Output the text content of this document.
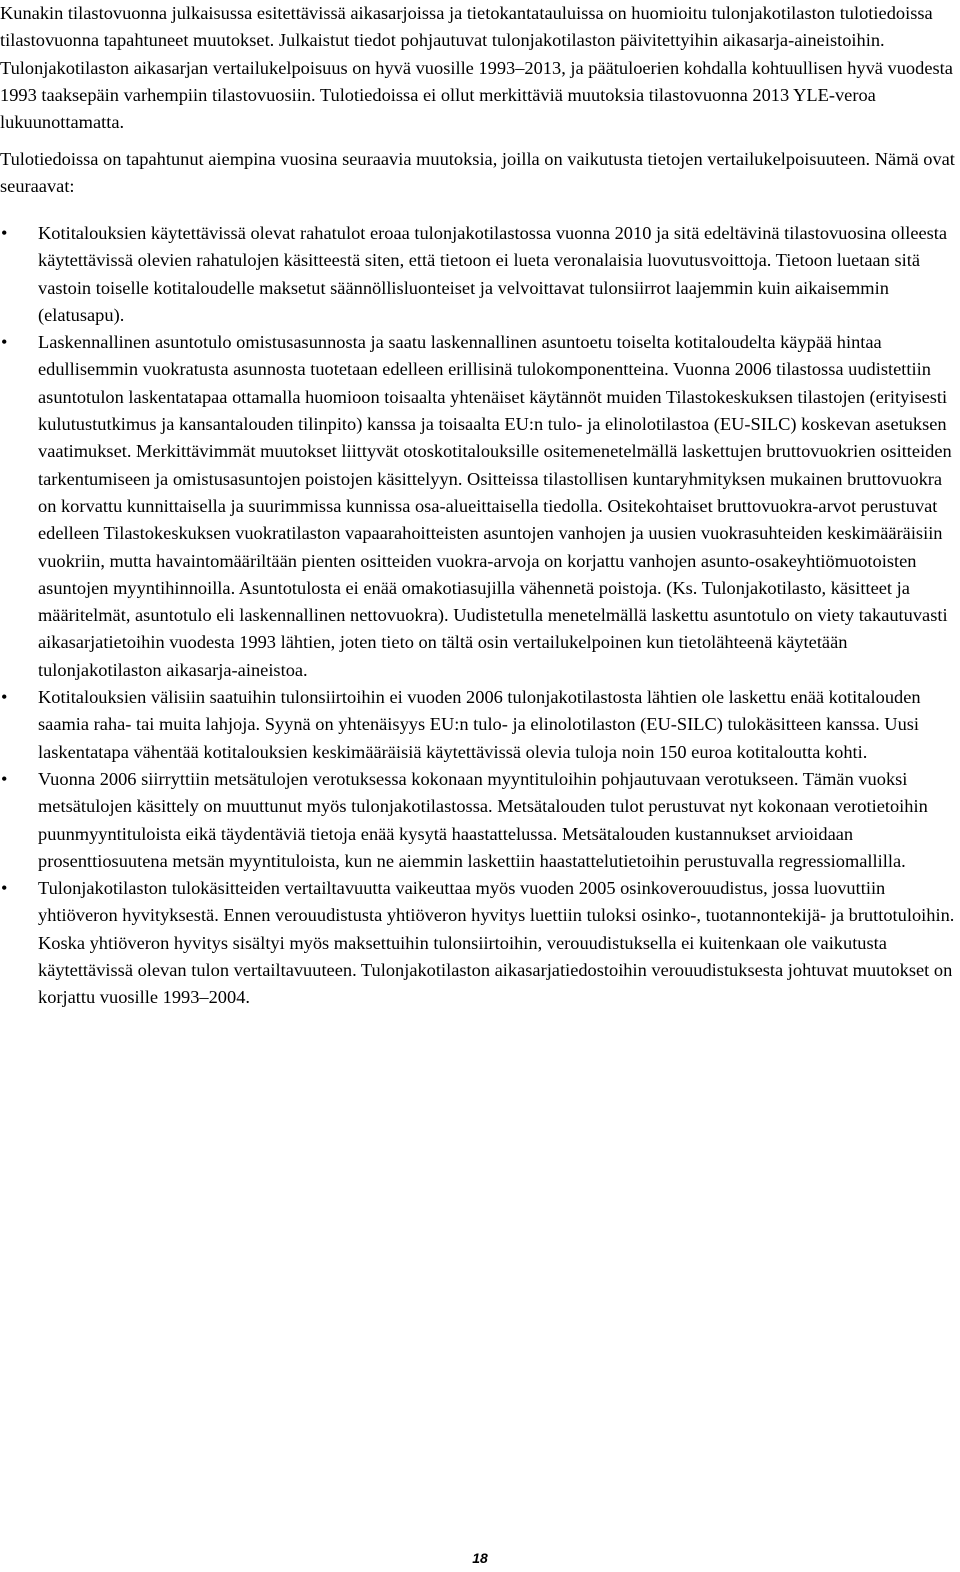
Kunakin tilastovuonna julkaisussa esitettävissä aikasarjoissa ja tietokantatauluissa on huomioitu tulonjakotilaston tulotiedoissa tilastovuonna tapahtuneet muutokset. Julkaistut tiedot pohjautuvat tulonjakotilaston päivitettyihin aikasarja-aineistoihin. Tulonjakotilaston aikasarjan vertailukelpoisuus on hyvä vuosille 1993–2013, ja päätuloerien kohdalla kohtuullisen hyvä vuodesta 1993 taaksepäin varhempiin tilastovuosiin. Tulotiedoissa ei ollut merkittäviä muutoksia tilastovuonna 2013 YLE-veroa lukuunottamatta.

Tulotiedoissa on tapahtunut aiempina vuosina seuraavia muutoksia, joilla on vaikutusta tietojen vertailukelpoisuuteen. Nämä ovat seuraavat:

• Kotitalouksien käytettävissä olevat rahatulot eroaa tulonjakotilastossa vuonna 2010 ja sitä edeltävinä tilastovuosina olleesta käytettävissä olevien rahatulojen käsitteestä siten, että tietoon ei lueta veronalaisia luovutusvoittoja. Tietoon luetaan sitä vastoin toiselle kotitaloudelle maksetut säännöllisluonteiset ja velvoittavat tulonsiirrot laajemmin kuin aikaisemmin (elatusapu).
• Laskennallinen asuntotulo omistusasunnosta ja saatu laskennallinen asuntoetu toiselta kotitaloudelta käypää hintaa edullisemmin vuokratusta asunnosta tuotetaan edelleen erillisinä tulokomponentteina. Vuonna 2006 tilastossa uudistettiin asuntotulon laskentatapaa ottamalla huomioon toisaalta yhtenäiset käytännöt muiden Tilastokeskuksen tilastojen (erityisesti kulutustutkimus ja kansantalouden tilinpito) kanssa ja toisaalta EU:n tulo- ja elinolotilastoa (EU-SILC) koskevan asetuksen vaatimukset. Merkittävimmät muutokset liittyvät otoskotitalouksille ositemenetelmällä laskettujen bruttovuokrien ositteiden tarkentumiseen ja omistusasuntojen poistojen käsittelyyn. Ositteissa tilastollisen kuntaryhmityksen mukainen bruttovuokra on korvattu kunnittaisella ja suurimmissa kunnissa osa-alueittaisella tiedolla. Ositekohtaiset bruttovuokra-arvot perustuvat edelleen Tilastokeskuksen vuokratilaston vapaarahoitteisten asuntojen vanhojen ja uusien vuokrasuhteiden keskimääräisiin vuokriin, mutta havaintomääriltään pienten ositteiden vuokra-arvoja on korjattu vanhojen asunto-osakeyhtiömuotoisten asuntojen myyntihinnoilla. Asuntotulosta ei enää omakotiasujilla vähennetä poistoja. (Ks. Tulonjakotilasto, käsitteet ja määritelmät, asuntotulo eli laskennallinen nettovuokra). Uudistetulla menetelmällä laskettu asuntotulo on viety takautuvasti aikasarjatietoihin vuodesta 1993 lähtien, joten tieto on tältä osin vertailukelpoinen kun tietolähteenä käytetään tulonjakotilaston aikasarja-aineistoa.
• Kotitalouksien välisiin saatuihin tulonsiirtoihin ei vuoden 2006 tulonjakotilastosta lähtien ole laskettu enää kotitalouden saamia raha- tai muita lahjoja. Syynä on yhtenäisyys EU:n tulo- ja elinolotilaston (EU-SILC) tulokäsitteen kanssa. Uusi laskentatapa vähentää kotitalouksien keskimääräisiä käytettävissä olevia tuloja noin 150 euroa kotitaloutta kohti.
• Vuonna 2006 siirryttiin metsätulojen verotuksessa kokonaan myyntituloihin pohjautuvaan verotukseen. Tämän vuoksi metsätulojen käsittely on muuttunut myös tulonjakotilastossa. Metsätalouden tulot perustuvat nyt kokonaan verotietoihin puunmyyntituloista eikä täydentäviä tietoja enää kysytä haastattelussa. Metsätalouden kustannukset arvioidaan prosenttiosuutena metsän myyntituloista, kun ne aiemmin laskettiin haastattelutietoihin perustuvalla regressiomallilla.
• Tulonjakotilaston tulokäsitteiden vertailtavuutta vaikeuttaa myös vuoden 2005 osinkoverouudistus, jossa luovuttiin yhtiöveron hyvityksestä. Ennen verouudistusta yhtiöveron hyvitys luettiin tuloksi osinko-, tuotannontekijä- ja bruttotuloihin. Koska yhtiöveron hyvitys sisältyi myös maksettuihin tulonsiirtoihin, verouudistuksella ei kuitenkaan ole vaikutusta käytettävissä olevan tulon vertailtavuuteen. Tulonjakotilaston aikasarjatiedostoihin verouudistuksesta johtuvat muutokset on korjattu vuosille 1993–2004.
18
